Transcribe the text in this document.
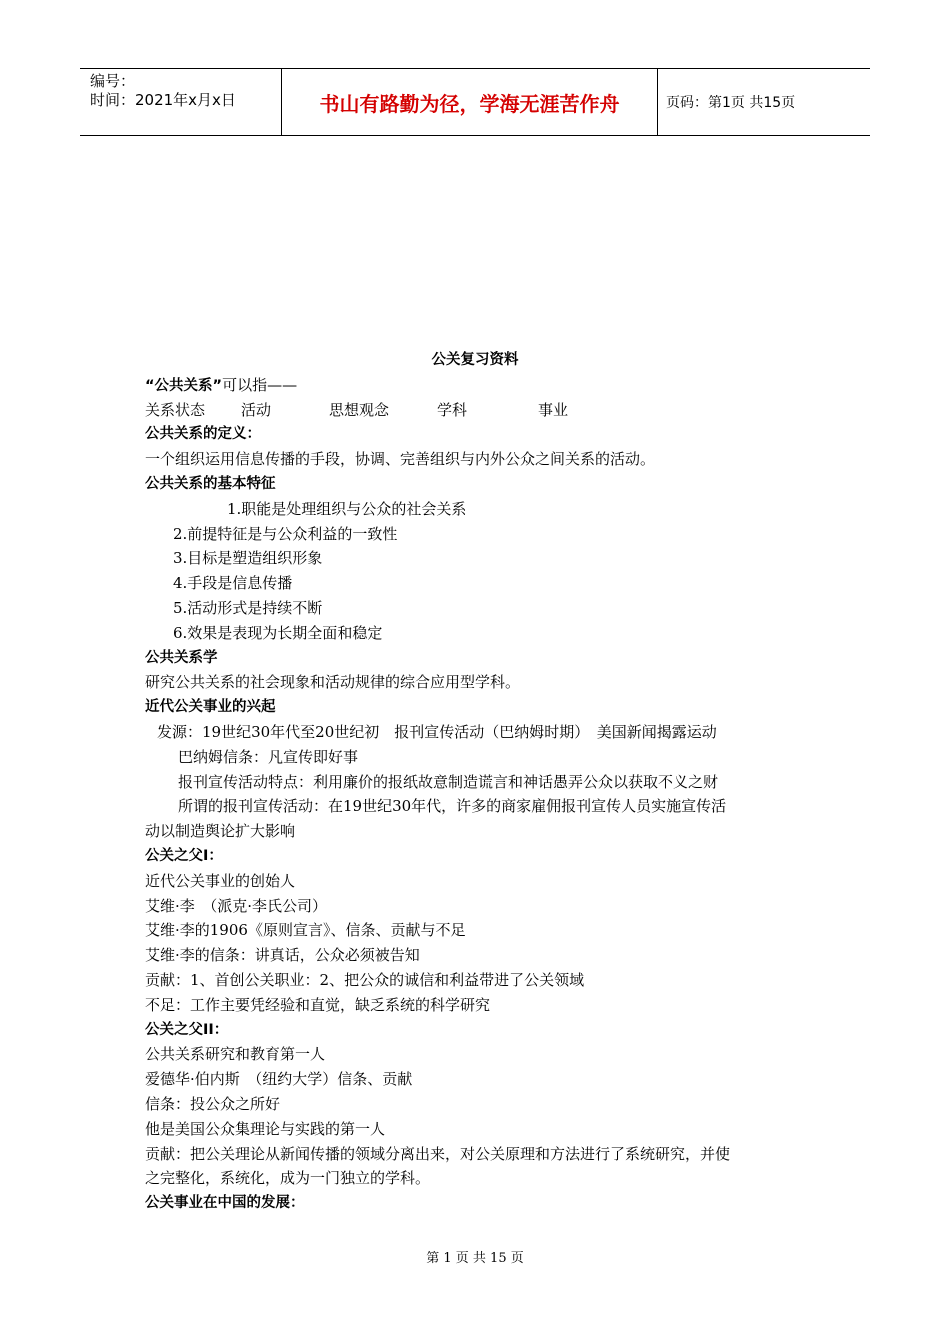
编号：
时间：2021年x月x日	书山有路勤为径，学海无涯苦作舟	页码：第1页 共15页
公关复习资料
“公共关系”可以指——
关系状态 活动	思想观念	学科	事业
公共关系的定义：
一个组织运用信息传播的手段，协调、完善组织与内外公众之间关系的活动。
公共关系的基本特征
1.职能是处理组织与公众的社会关系
2.前提特征是与公众利益的一致性
3.目标是塑造组织形象
4.手段是信息传播
5.活动形式是持续不断
6.效果是表现为长期全面和稳定
公共关系学
研究公共关系的社会现象和活动规律的综合应用型学科。
近代公关事业的兴起
发源：19世纪30年代至20世纪初　报刊宣传活动（巴纳姆时期）　美国新闻揭露运动
巴纳姆信条：凡宣传即好事
报刊宣传活动特点：利用廉价的报纸故意制造谎言和神话愚弄公众以获取不义之财
所谓的报刊宣传活动：在19世纪30年代，许多的商家雇佣报刊宣传人员实施宣传活
动以制造舆论扩大影响
公关之父I：
近代公关事业的创始人
艾维·李　（派克·李氏公司）
艾维·李的1906《原则宣言》、信条、贡献与不足
艾维·李的信条：讲真话，公众必须被告知
贡献：1、首创公关职业：2、把公众的诚信和利益带进了公关领域
不足：工作主要凭经验和直觉，缺乏系统的科学研究
公关之父II：
公共关系研究和教育第一人
爱德华·伯内斯　（纽约大学）信条、贡献
信条：投公众之所好
他是美国公众集理论与实践的第一人
贡献：把公关理论从新闻传播的领域分离出来，对公关原理和方法进行了系统研究，并使
之完整化，系统化，成为一门独立的学科。
公关事业在中国的发展：
第 1 页 共 15 页
